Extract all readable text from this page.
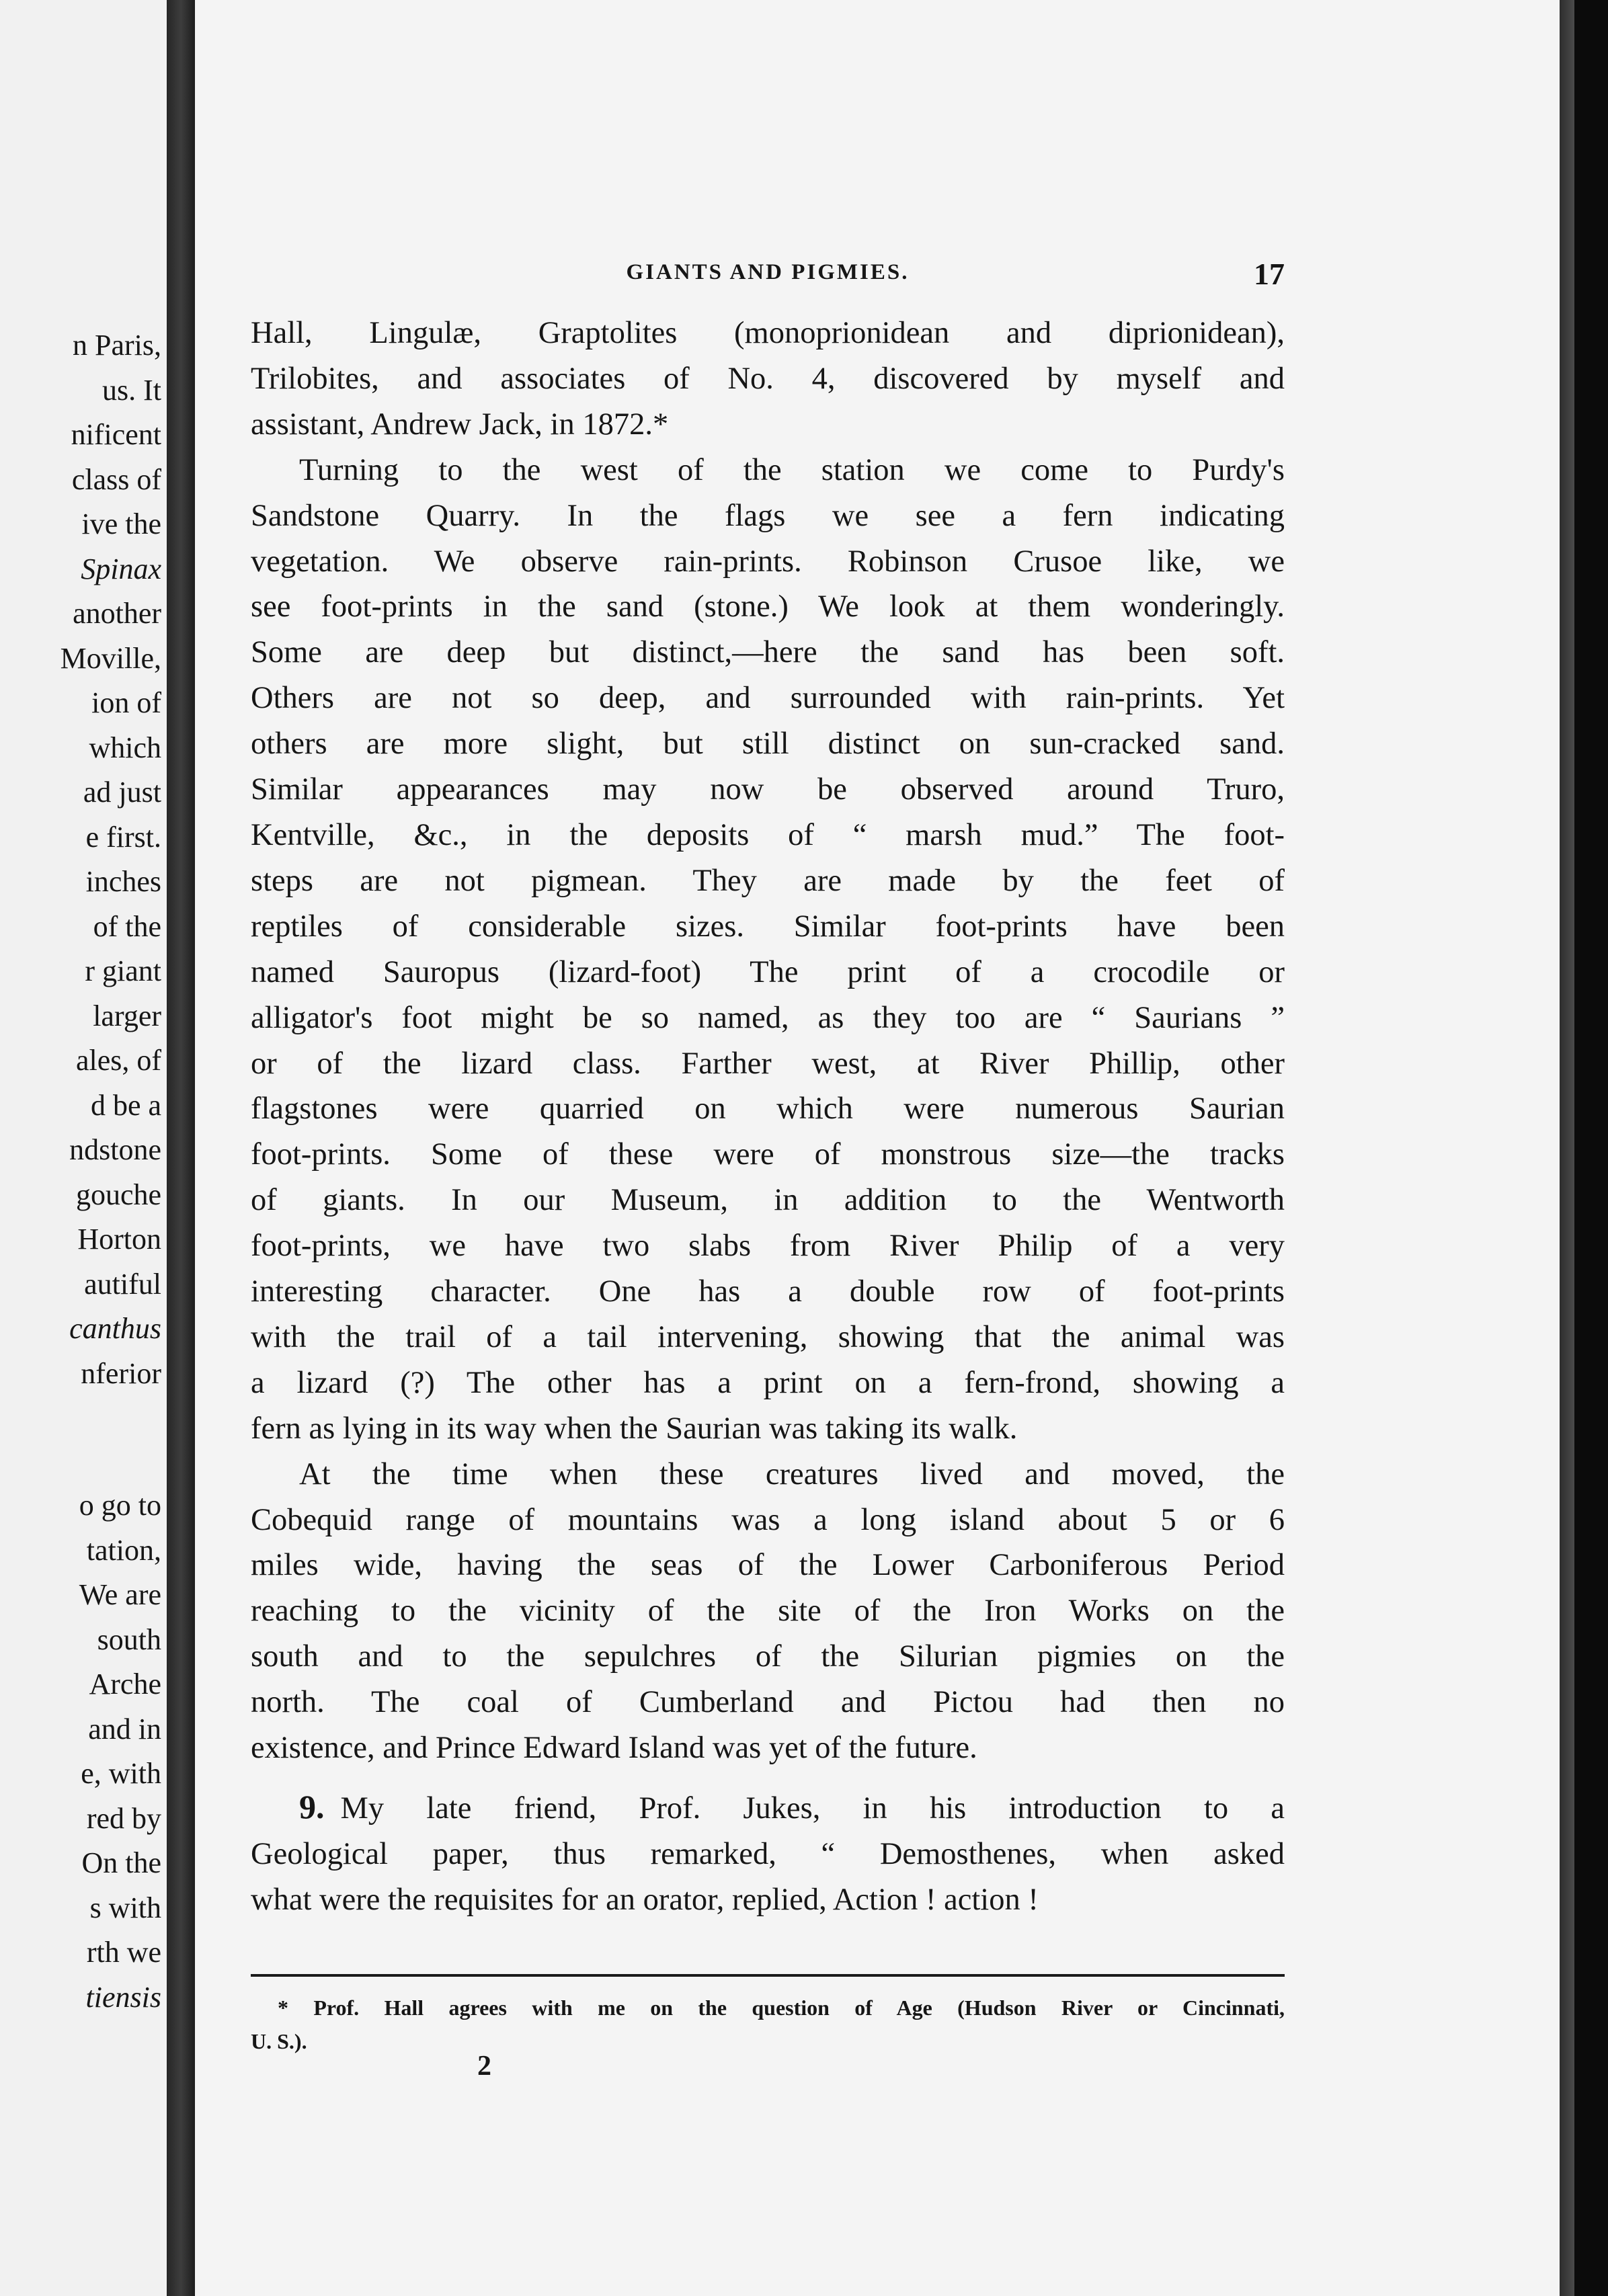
n Paris,
us. It
nificent
class of
ive the
Spinax
another
Moville,
ion of
which
ad just
e first.
inches
of the
r giant
larger
ales, of
d be a
ndstone
gouche
Horton
autiful
canthus
nferior
o go to
tation,
We are
south
Arche
and in
e, with
red by
On the
s with
rth we
tiensis
GIANTS AND PIGMIES.	17
Hall, Lingulæ, Graptolites (monoprionidean and diprionidean),
Trilobites, and associates of No. 4, discovered by myself and
assistant, Andrew Jack, in 1872.*
Turning to the west of the station we come to Purdy's
Sandstone Quarry. In the flags we see a fern indicating
vegetation. We observe rain-prints. Robinson Crusoe like, we
see foot-prints in the sand (stone.) We look at them wonderingly.
Some are deep but distinct,—here the sand has been soft.
Others are not so deep, and surrounded with rain-prints. Yet
others are more slight, but still distinct on sun-cracked sand.
Similar appearances may now be observed around Truro,
Kentville, &c., in the deposits of “ marsh mud.” The foot-
steps are not pigmean. They are made by the feet of
reptiles of considerable sizes. Similar foot-prints have been
named Sauropus (lizard-foot) The print of a crocodile or
alligator's foot might be so named, as they too are “ Saurians ”
or of the lizard class. Farther west, at River Phillip, other
flagstones were quarried on which were numerous Saurian
foot-prints. Some of these were of monstrous size—the tracks
of giants. In our Museum, in addition to the Wentworth
foot-prints, we have two slabs from River Philip of a very
interesting character. One has a double row of foot-prints
with the trail of a tail intervening, showing that the animal was
a lizard (?) The other has a print on a fern-frond, showing a
fern as lying in its way when the Saurian was taking its walk.
At the time when these creatures lived and moved, the
Cobequid range of mountains was a long island about 5 or 6
miles wide, having the seas of the Lower Carboniferous Period
reaching to the vicinity of the site of the Iron Works on the
south and to the sepulchres of the Silurian pigmies on the
north. The coal of Cumberland and Pictou had then no
existence, and Prince Edward Island was yet of the future.
9. My late friend, Prof. Jukes, in his introduction to a
Geological paper, thus remarked, “ Demosthenes, when asked
what were the requisites for an orator, replied, Action ! action !
* Prof. Hall agrees with me on the question of Age (Hudson River or Cincinnati,
U. S.).
2
